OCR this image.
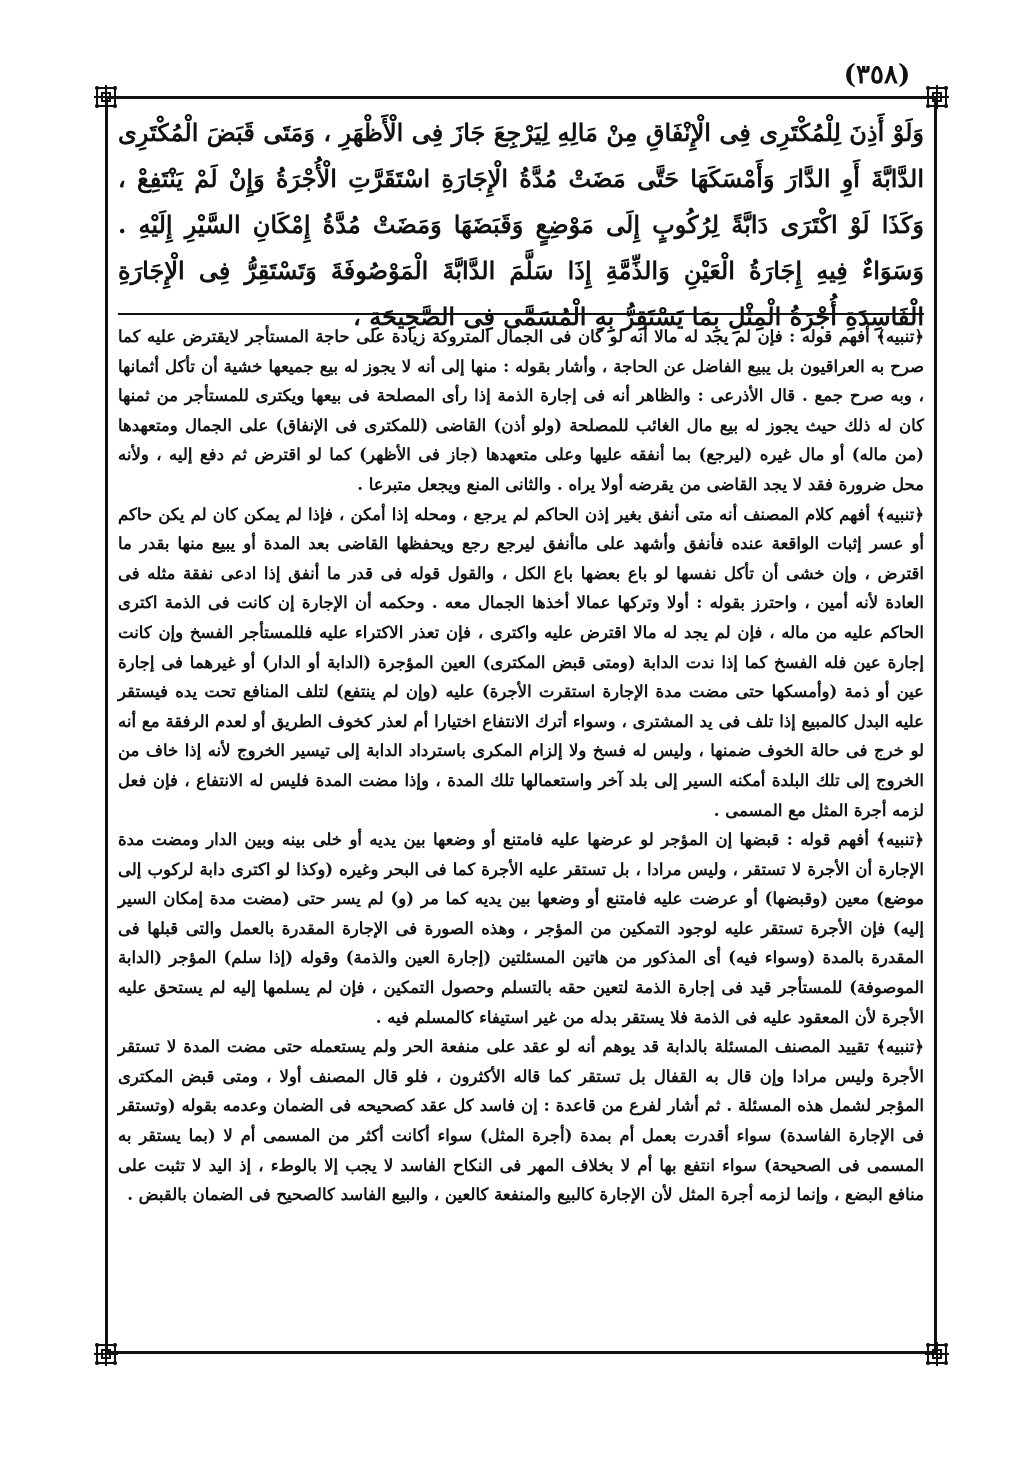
(٣٥٨)

وَلَوْ أَذِنَ لِلْمُكْتَرِى فِى الْإِنْفَاقِ مِنْ مَالِهِ لِيَرْجِعَ جَازَ فِى الْأَظْهَرِ ، وَمَتَى قَبَضَ الْمُكْتَرِى الدَّابَّةَ أَوِ الدَّارَ وَأَمْسَكَهَا حَتَّى مَضَتْ مُدَّةُ الْإِجَارَةِ اسْتَقَرَّتِ الْأُجْرَةُ وَإِنْ لَمْ يَنْتَفِعْ ، وَكَذَا لَوْ اكْتَرَى دَابَّةً لِرُكُوبٍ إِلَى مَوْضِعٍ وَقَبَضَهَا وَمَضَتْ مُدَّةُ إِمْكَانِ السَّيْرِ إِلَيْهِ . وَسَوَاءٌ فِيهِ إِجَارَةُ الْعَيْنِ وَالذِّمَّةِ إِذَا سَلَّمَ الدَّابَّةَ الْمَوْصُوفَةَ وَتَسْتَقِرُّ فِى الْإِجَارَةِ الْفَاسِدَةِ أُجْرَةُ الْمِثْلِ بِمَا يَسْتَقِرُّ بِهِ الْمُسَمَّى فِى الصَّحِيحَةِ ،

﴿تنبيه﴾ أفهم قوله : فإن لم يجد له مالا أنه لو كان فى الجمال المتروكة زيادة على حاجة المستأجر لايقترض عليه كما صرح به العراقيون بل يبيع الفاضل عن الحاجة ، وأشار بقوله : منها إلى أنه لا يجوز له بيع جميعها خشية أن تأكل أثمانها ، وبه صرح جمع . قال الأذرعى : والظاهر أنه فى إجارة الذمة إذا رأى المصلحة فى بيعها ويكترى للمستأجر من ثمنها كان له ذلك حيث يجوز له بيع مال الغائب للمصلحة (ولو أذن) القاضى (للمكترى فى الإنفاق) على الجمال ومتعهدها (من ماله) أو مال غيره (ليرجع) بما أنفقه عليها وعلى متعهدها (جاز فى الأظهر) كما لو اقترض ثم دفع إليه ، ولأنه محل ضرورة فقد لا يجد القاضى من يقرضه أولا يراه . والثانى المنع ويجعل متبرعا .

﴿تنبيه﴾ أفهم كلام المصنف أنه متى أنفق بغير إذن الحاكم لم يرجع ، ومحله إذا أمكن ، فإذا لم يمكن كان لم يكن حاكم أو عسر إثبات الواقعة عنده فأنفق وأشهد على ماأنفق ليرجع رجع ويحفظها القاضى بعد المدة أو يبيع منها بقدر ما اقترض ، وإن خشى أن تأكل نفسها لو باع بعضها باع الكل ، والقول قوله فى قدر ما أنفق إذا ادعى نفقة مثله فى العادة لأنه أمين ، واحترز بقوله : أولا وتركها عمالا أخذها الجمال معه . وحكمه أن الإجارة إن كانت فى الذمة اكترى الحاكم عليه من ماله ، فإن لم يجد له مالا اقترض عليه واكترى ، فإن تعذر الاكتراء عليه فللمستأجر الفسخ وإن كانت إجارة عين فله الفسخ كما إذا ندت الدابة (ومتى قبض المكترى) العين المؤجرة (الدابة أو الدار) أو غيرهما فى إجارة عين أو ذمة (وأمسكها حتى مضت مدة الإجارة استقرت الأجرة) عليه (وإن لم ينتفع) لتلف المنافع تحت يده فيستقر عليه البدل كالمبيع إذا تلف فى يد المشترى ، وسواء أترك الانتفاع اختيارا أم لعذر كخوف الطريق أو لعدم الرفقة مع أنه لو خرج فى حالة الخوف ضمنها ، وليس له فسخ ولا إلزام المكرى باسترداد الدابة إلى تيسير الخروج لأنه إذا خاف من الخروج إلى تلك البلدة أمكنه السير إلى بلد آخر واستعمالها تلك المدة ، وإذا مضت المدة فليس له الانتفاع ، فإن فعل لزمه أجرة المثل مع المسمى .

﴿تنبيه﴾ أفهم قوله : قبضها إن المؤجر لو عرضها عليه فامتنع أو وضعها بين يديه أو خلى بينه وبين الدار ومضت مدة الإجارة أن الأجرة لا تستقر ، وليس مرادا ، بل تستقر عليه الأجرة كما فى البحر وغيره (وكذا لو اكترى دابة لركوب إلى موضع) معين (وقبضها) أو عرضت عليه فامتنع أو وضعها بين يديه كما مر (و) لم يسر حتى (مضت مدة إمكان السير إليه) فإن الأجرة تستقر عليه لوجود التمكين من المؤجر ، وهذه الصورة فى الإجارة المقدرة بالعمل والتى قبلها فى المقدرة بالمدة (وسواء فيه) أى المذكور من هاتين المسئلتين (إجارة العين والذمة) وقوله (إذا سلم) المؤجر (الدابة الموصوفة) للمستأجر قيد فى إجارة الذمة لتعين حقه بالتسلم وحصول التمكين ، فإن لم يسلمها إليه لم يستحق عليه الأجرة لأن المعقود عليه فى الذمة فلا يستقر بدله من غير استيفاء كالمسلم فيه .

﴿تنبيه﴾ تقييد المصنف المسئلة بالدابة قد يوهم أنه لو عقد على منفعة الحر ولم يستعمله حتى مضت المدة لا تستقر الأجرة وليس مرادا وإن قال به القفال بل تستقر كما قاله الأكثرون ، فلو قال المصنف أولا ، ومتى قبض المكترى المؤجر لشمل هذه المسئلة . ثم أشار لفرع من قاعدة : إن فاسد كل عقد كصحيحه فى الضمان وعدمه بقوله (وتستقر فى الإجارة الفاسدة) سواء أقدرت بعمل أم بمدة (أجرة المثل) سواء أكانت أكثر من المسمى أم لا (بما يستقر به المسمى فى الصحيحة) سواء انتفع بها أم لا بخلاف المهر فى النكاح الفاسد لا يجب إلا بالوطء ، إذ اليد لا تثبت على منافع البضع ، وإنما لزمه أجرة المثل لأن الإجارة كالبيع والمنفعة كالعين ، والبيع الفاسد كالصحيح فى الضمان بالقبض .
